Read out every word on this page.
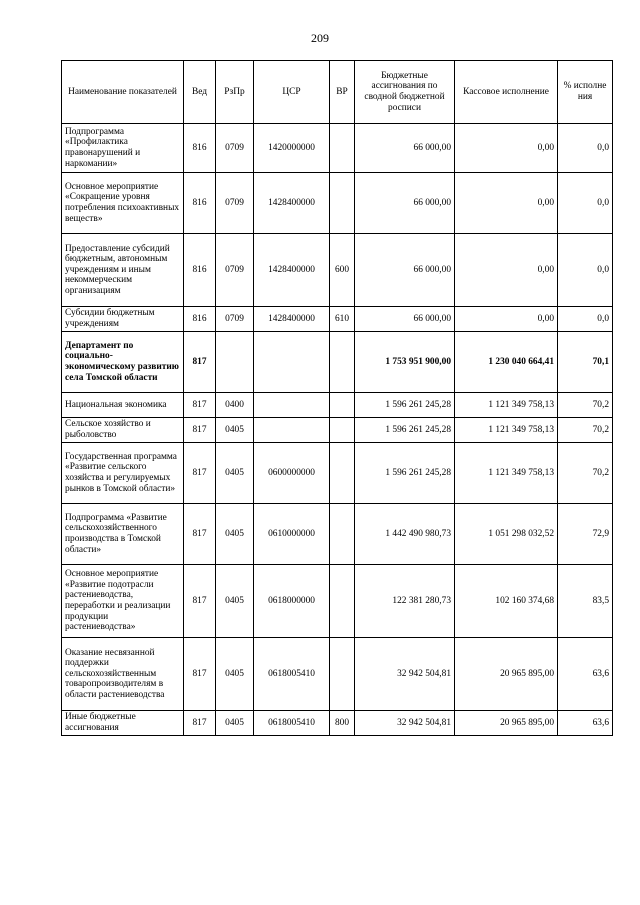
209
Наименование показателей	Вед	РзПр	ЦСР	ВР	Бюджетные ассигнования по сводной бюджетной росписи	Кассовое исполнение	% исполне ния
Подпрограмма «Профилактика правонарушений и наркомании»	816	0709	1420000000		66 000,00	0,00	0,0
Основное мероприятие «Сокращение уровня потребления психоактивных веществ»	816	0709	1428400000		66 000,00	0,00	0,0
Предоставление субсидий бюджетным, автономным учреждениям и иным некоммерческим организациям	816	0709	1428400000	600	66 000,00	0,00	0,0
Субсидии бюджетным учреждениям	816	0709	1428400000	610	66 000,00	0,00	0,0
Департамент по социально-экономическому развитию села Томской области	817				1 753 951 900,00	1 230 040 664,41	70,1
Национальная экономика	817	0400			1 596 261 245,28	1 121 349 758,13	70,2
Сельское хозяйство и рыболовство	817	0405			1 596 261 245,28	1 121 349 758,13	70,2
Государственная программа «Развитие сельского хозяйства и регулируемых рынков в Томской области»	817	0405	0600000000		1 596 261 245,28	1 121 349 758,13	70,2
Подпрограмма «Развитие сельскохозяйственного производства в Томской области»	817	0405	0610000000		1 442 490 980,73	1 051 298 032,52	72,9
Основное мероприятие «Развитие подотрасли растениеводства, переработки и реализации продукции растениеводства»	817	0405	0618000000		122 381 280,73	102 160 374,68	83,5
Оказание несвязанной поддержки сельскохозяйственным товаропроизводителям в области растениеводства	817	0405	0618005410		32 942 504,81	20 965 895,00	63,6
Иные бюджетные ассигнования	817	0405	0618005410	800	32 942 504,81	20 965 895,00	63,6
